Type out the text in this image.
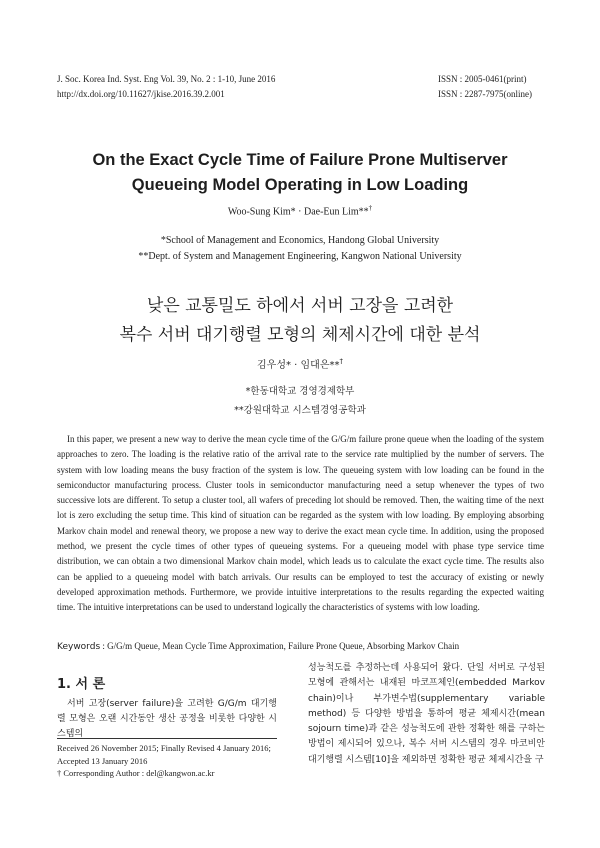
J. Soc. Korea Ind. Syst. Eng Vol. 39, No. 2 : 1-10, June 2016
http://dx.doi.org/10.11627/jkise.2016.39.2.001
ISSN : 2005-0461(print)
ISSN : 2287-7975(online)
On the Exact Cycle Time of Failure Prone Multiserver
Queueing Model Operating in Low Loading
Woo-Sung Kim* · Dae-Eun Lim**†
*School of Management and Economics, Handong Global University
**Dept. of System and Management Engineering, Kangwon National University
낮은 교통밀도 하에서 서버 고장을 고려한
복수 서버 대기행렬 모형의 체제시간에 대한 분석
김우성* · 임대은**†
*한동대학교 경영경제학부
**강원대학교 시스템경영공학과

In this paper, we present a new way to derive the mean cycle time of the G/G/m failure prone queue when the loading of the system approaches to zero. The loading is the relative ratio of the arrival rate to the service rate multiplied by the number of servers. The system with low loading means the busy fraction of the system is low. The queueing system with low loading can be found in the semiconductor manufacturing process. Cluster tools in semiconductor manufacturing need a setup whenever the types of two successive lots are different. To setup a cluster tool, all wafers of preceding lot should be removed. Then, the waiting time of the next lot is zero excluding the setup time. This kind of situation can be regarded as the system with low loading. By employing absorbing Markov chain model and renewal theory, we propose a new way to derive the exact mean cycle time. In addition, using the proposed method, we present the cycle times of other types of queueing systems. For a queueing model with phase type service time distribution, we can obtain a two dimensional Markov chain model, which leads us to calculate the exact cycle time. The results also can be applied to a queueing model with batch arrivals. Our results can be employed to test the accuracy of existing or newly developed approximation methods. Furthermore, we provide intuitive interpretations to the results regarding the expected waiting time. The intuitive interpretations can be used to understand logically the characteristics of systems with low loading.

Keywords : G/G/m Queue, Mean Cycle Time Approximation, Failure Prone Queue, Absorbing Markov Chain
1. 서 론

서버 고장(server failure)을 고려한 G/G/m 대기행렬 모형은 오랜 시간동안 생산 공정을 비롯한 다양한 시스템의

Received 26 November 2015; Finally Revised 4 January 2016;
Accepted 13 January 2016
† Corresponding Author : del@kangwon.ac.kr

성능척도를 추정하는데 사용되어 왔다. 단일 서버로 구성된 모형에 관해서는 내재된 마코프체인(embedded Markov chain)이나 부가변수법(supplementary variable method) 등 다양한 방법을 통하여 평균 체제시간(mean sojourn time)과 같은 성능척도에 관한 정확한 해를 구하는 방법이 제시되어 있으나, 복수 서버 시스템의 경우 마코비안 대기행렬 시스템[10]을 제외하면 정확한 평균 체제시간을 구
